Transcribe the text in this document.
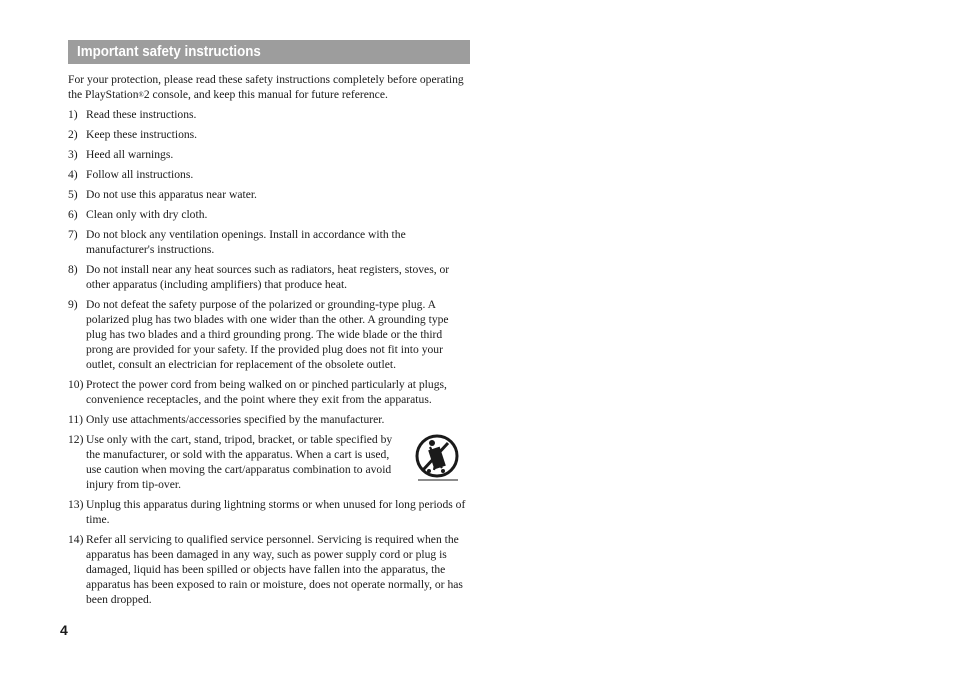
Important safety instructions
For your protection, please read these safety instructions completely before operating the PlayStation®2 console, and keep this manual for future reference.
1) Read these instructions.
2) Keep these instructions.
3) Heed all warnings.
4) Follow all instructions.
5) Do not use this apparatus near water.
6) Clean only with dry cloth.
7) Do not block any ventilation openings. Install in accordance with the manufacturer's instructions.
8) Do not install near any heat sources such as radiators, heat registers, stoves, or other apparatus (including amplifiers) that produce heat.
9) Do not defeat the safety purpose of the polarized or grounding-type plug. A polarized plug has two blades with one wider than the other. A grounding type plug has two blades and a third grounding prong. The wide blade or the third prong are provided for your safety. If the provided plug does not fit into your outlet, consult an electrician for replacement of the obsolete outlet.
10) Protect the power cord from being walked on or pinched particularly at plugs, convenience receptacles, and the point where they exit from the apparatus.
11) Only use attachments/accessories specified by the manufacturer.
12) Use only with the cart, stand, tripod, bracket, or table specified by the manufacturer, or sold with the apparatus. When a cart is used, use caution when moving the cart/apparatus combination to avoid injury from tip-over.
13) Unplug this apparatus during lightning storms or when unused for long periods of time.
14) Refer all servicing to qualified service personnel. Servicing is required when the apparatus has been damaged in any way, such as power supply cord or plug is damaged, liquid has been spilled or objects have fallen into the apparatus, the apparatus has been exposed to rain or moisture, does not operate normally, or has been dropped.
4
